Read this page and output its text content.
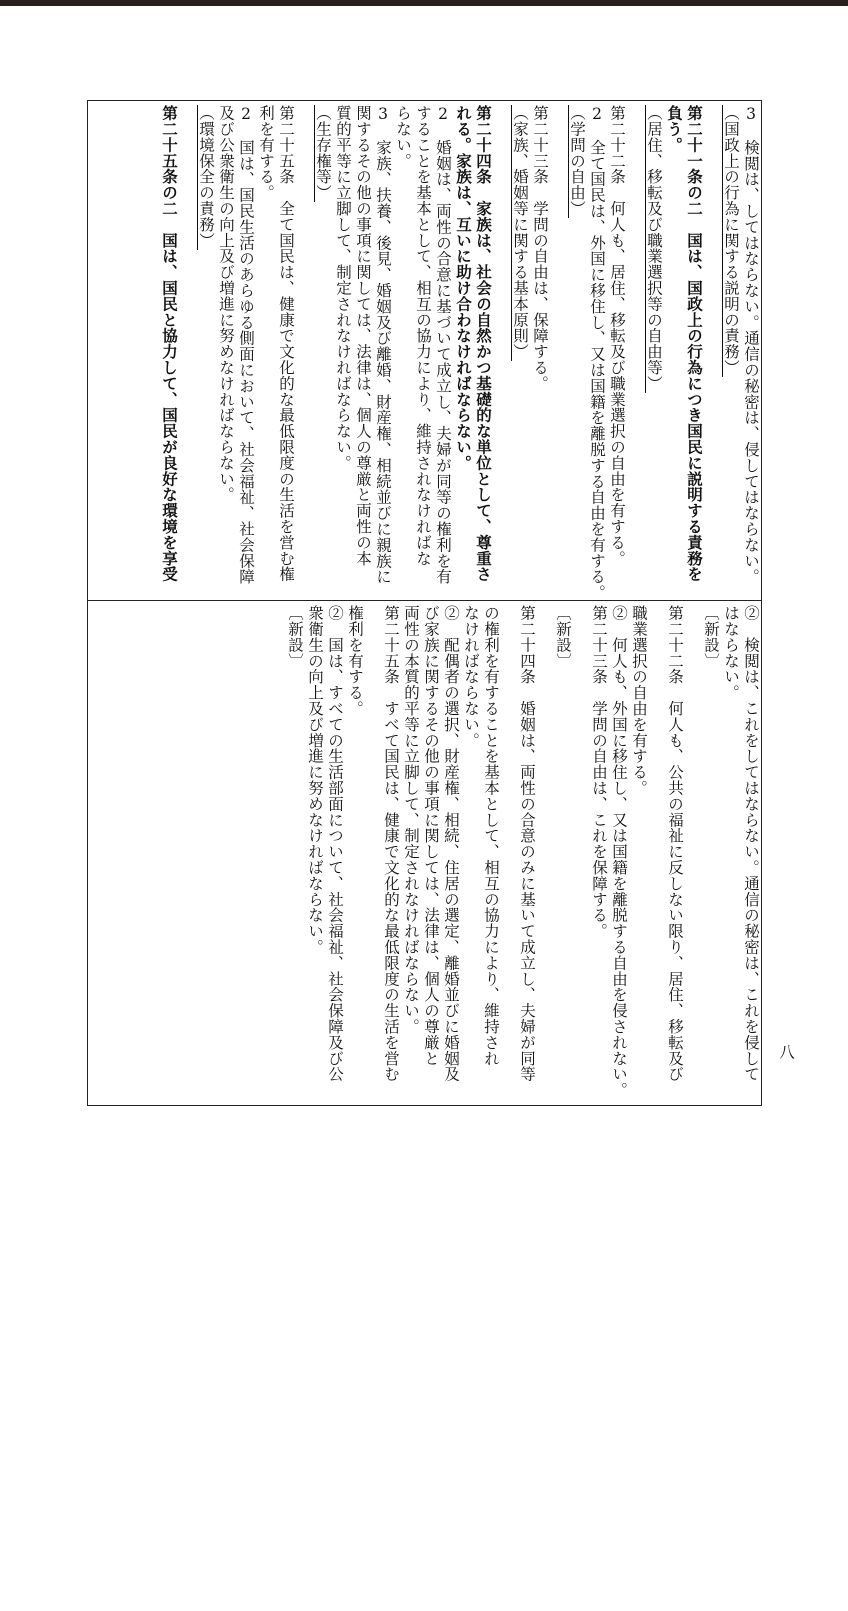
3　検閲は、してはならない。通信の秘密は、侵してはならない。
（国政上の行為に関する説明の責務）
第二十一条の二　国は、国政上の行為につき国民に説明する責務を
負う。
（居住、移転及び職業選択等の自由等）
第二十二条　何人も、居住、移転及び職業選択の自由を有する。
2　全て国民は、外国に移住し、又は国籍を離脱する自由を有する。
（学問の自由）
第二十三条　学問の自由は、保障する。
（家族、婚姻等に関する基本原則）
第二十四条　家族は、社会の自然かつ基礎的な単位として、尊重さ
れる。家族は、互いに助け合わなければならない。
2　婚姻は、両性の合意に基づいて成立し、夫婦が同等の権利を有
することを基本として、相互の協力により、維持されなければな
らない。
3　家族、扶養、後見、婚姻及び離婚、財産権、相続並びに親族に
関するその他の事項に関しては、法律は、個人の尊厳と両性の本
質的平等に立脚して、制定されなければならない。
（生存権等）
第二十五条　全て国民は、健康で文化的な最低限度の生活を営む権
利を有する。
2　国は、国民生活のあらゆる側面において、社会福祉、社会保障
及び公衆衛生の向上及び増進に努めなければならない。
（環境保全の責務）
第二十五条の二　国は、国民と協力して、国民が良好な環境を享受
②　検閲は、これをしてはならない。通信の秘密は、これを侵して
はならない。
〔新設〕
第二十二条　何人も、公共の福祉に反しない限り、居住、移転及び
職業選択の自由を有する。
②　何人も、外国に移住し、又は国籍を離脱する自由を侵されない。
第二十三条　学問の自由は、これを保障する。
〔新設〕
第二十四条　婚姻は、両性の合意のみに基いて成立し、夫婦が同等
の権利を有することを基本として、相互の協力により、維持され
なければならない。
②　配偶者の選択、財産権、相続、住居の選定、離婚並びに婚姻及
び家族に関するその他の事項に関しては、法律は、個人の尊厳と
両性の本質的平等に立脚して、制定されなければならない。
第二十五条　すべて国民は、健康で文化的な最低限度の生活を営む
権利を有する。
②　国は、すべての生活部面について、社会福祉、社会保障及び公
衆衛生の向上及び増進に努めなければならない。
〔新設〕
八
